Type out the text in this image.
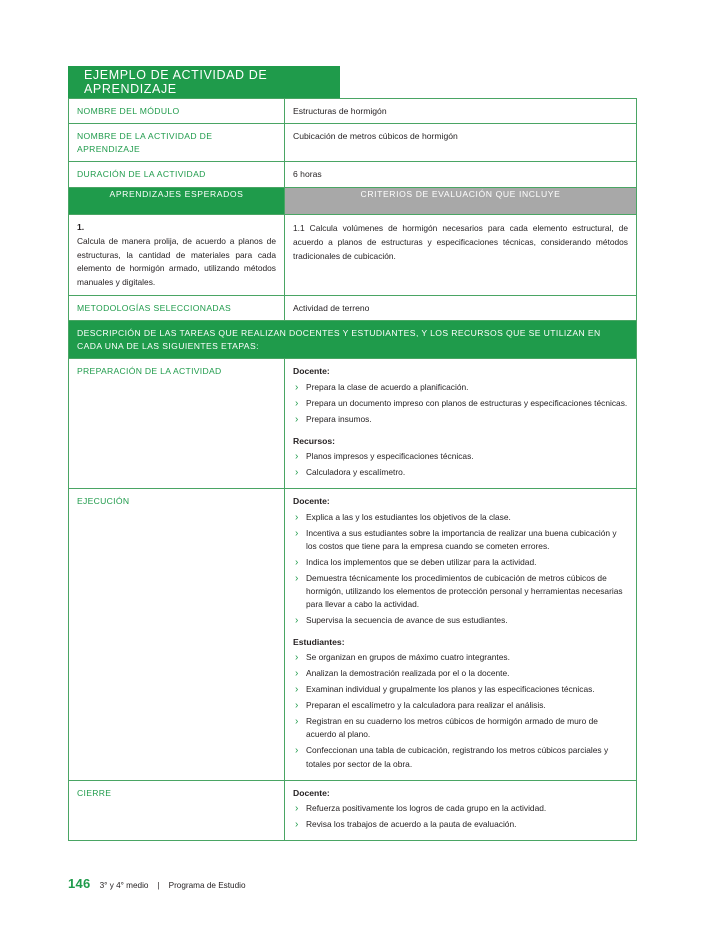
EJEMPLO DE ACTIVIDAD DE APRENDIZAJE
NOMBRE DEL MÓDULO	Estructuras de hormigón
NOMBRE DE LA ACTIVIDAD DE APRENDIZAJE	Cubicación de metros cúbicos de hormigón
DURACIÓN DE LA ACTIVIDAD	6 horas
APRENDIZAJES ESPERADOS	CRITERIOS DE EVALUACIÓN QUE INCLUYE

1.
Calcula de manera prolija, de acuerdo a planos de estructuras, la cantidad de materiales para cada elemento de hormigón armado, utilizando métodos manuales y digitales.	1.1 Calcula volúmenes de hormigón necesarios para cada elemento estructural, de acuerdo a planos de estructuras y especificaciones técnicas, considerando métodos tradicionales de cubicación.

METODOLOGÍAS SELECCIONADAS	Actividad de terreno
DESCRIPCIÓN DE LAS TAREAS QUE REALIZAN DOCENTES Y ESTUDIANTES, Y LOS RECURSOS QUE SE UTILIZAN EN CADA UNA DE LAS SIGUIENTES ETAPAS:	
PREPARACIÓN DE LA ACTIVIDAD	Docente:

› Prepara la clase de acuerdo a planificación.
› Prepara un documento impreso con planos de estructuras y especificaciones técnicas.
› Prepara insumos.

Recursos:

› Planos impresos y especificaciones técnicas.
› Calculadora y escalímetro.

EJECUCIÓN	Docente:

› Explica a las y los estudiantes los objetivos de la clase.
› Incentiva a sus estudiantes sobre la importancia de realizar una buena cubicación y los costos que tiene para la empresa cuando se cometen errores.
› Indica los implementos que se deben utilizar para la actividad.
› Demuestra técnicamente los procedimientos de cubicación de metros cúbicos de hormigón, utilizando los elementos de protección personal y herramientas necesarias para llevar a cabo la actividad.
› Supervisa la secuencia de avance de sus estudiantes.

Estudiantes:

› Se organizan en grupos de máximo cuatro integrantes.
› Analizan la demostración realizada por el o la docente.
› Examinan individual y grupalmente los planos y las especificaciones técnicas.
› Preparan el escalímetro y la calculadora para realizar el análisis.
› Registran en su cuaderno los metros cúbicos de hormigón armado de muro de acuerdo al plano.
› Confeccionan una tabla de cubicación, registrando los metros cúbicos parciales y totales por sector de la obra.

CIERRE	Docente:

› Refuerza positivamente los logros de cada grupo en la actividad.
› Revisa los trabajos de acuerdo a la pauta de evaluación.
146 3° y 4° medio | Programa de Estudio
